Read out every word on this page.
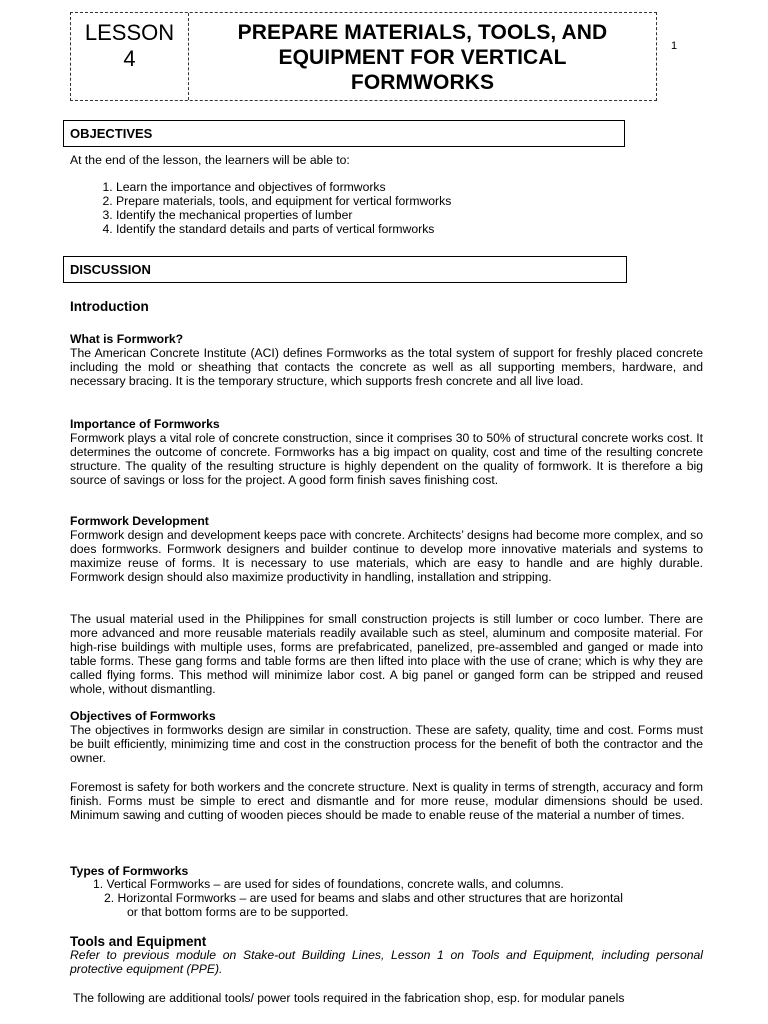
LESSON
4
PREPARE MATERIALS, TOOLS, AND
EQUIPMENT FOR VERTICAL
FORMWORKS
1
OBJECTIVES
At the end of the lesson, the learners will be able to:
1. Learn the importance and objectives of formworks
2. Prepare materials, tools, and equipment for vertical formworks
3. Identify the mechanical properties of lumber
4. Identify the standard details and parts of vertical formworks
DISCUSSION
Introduction
What is Formwork?
The American Concrete Institute (ACI) defines Formworks as the total system of support for freshly placed concrete including the mold or sheathing that contacts the concrete as well as all supporting members, hardware, and necessary bracing. It is the temporary structure, which supports fresh concrete and all live load.
Importance of Formworks
Formwork plays a vital role of concrete construction, since it comprises 30 to 50% of structural concrete works cost. It determines the outcome of concrete. Formworks has a big impact on quality, cost and time of the resulting concrete structure. The quality of the resulting structure is highly dependent on the quality of formwork. It is therefore a big source of savings or loss for the project. A good form finish saves finishing cost.
Formwork Development
Formwork design and development keeps pace with concrete. Architects’ designs had become more complex, and so does formworks. Formwork designers and builder continue to develop more innovative materials and systems to maximize reuse of forms. It is necessary to use materials, which are easy to handle and are highly durable. Formwork design should also maximize productivity in handling, installation and stripping.
The usual material used in the Philippines for small construction projects is still lumber or coco lumber. There are more advanced and more reusable materials readily available such as steel, aluminum and composite material. For high-rise buildings with multiple uses, forms are prefabricated, panelized, pre-assembled and ganged or made into table forms. These gang forms and table forms are then lifted into place with the use of crane; which is why they are called flying forms. This method will minimize labor cost. A big panel or ganged form can be stripped and reused whole, without dismantling.
Objectives of Formworks
The objectives in formworks design are similar in construction. These are safety, quality, time and cost. Forms must be built efficiently, minimizing time and cost in the construction process for the benefit of both the contractor and the owner.
Foremost is safety for both workers and the concrete structure. Next is quality in terms of strength, accuracy and form finish. Forms must be simple to erect and dismantle and for more reuse, modular dimensions should be used. Minimum sawing and cutting of wooden pieces should be made to enable reuse of the material a number of times.
Types of Formworks
1. Vertical Formworks – are used for sides of foundations, concrete walls, and columns.
2. Horizontal Formworks – are used for beams and slabs and other structures that are horizontal
or that bottom forms are to be supported.
Tools and Equipment
Refer to previous module on Stake-out Building Lines, Lesson 1 on Tools and Equipment, including personal protective equipment (PPE).
The following are additional tools/ power tools required in the fabrication shop, esp. for modular panels
